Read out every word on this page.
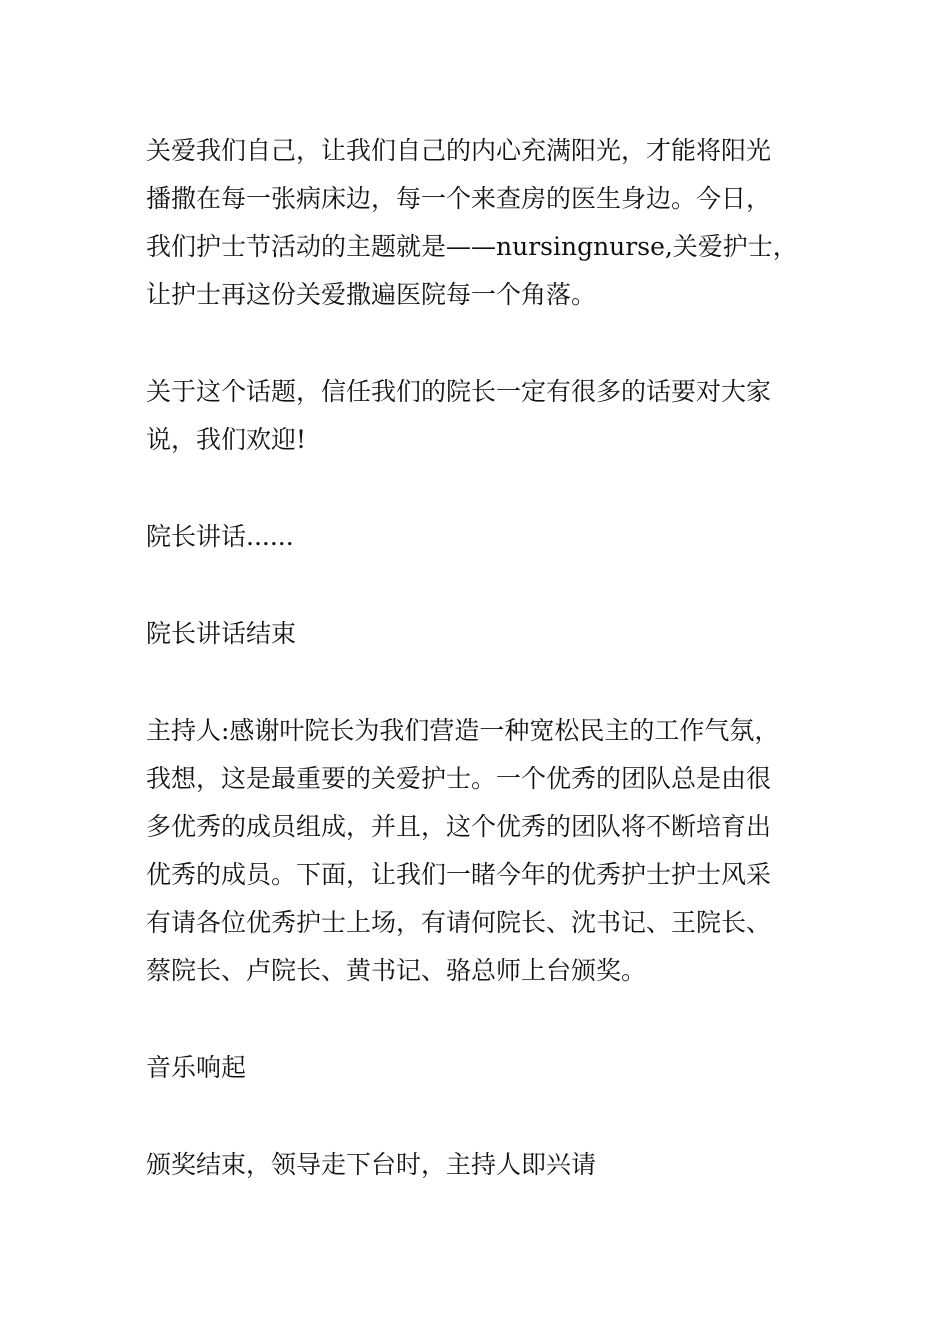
关爱我们自己，让我们自己的内心充满阳光，才能将阳光
播撒在每一张病床边，每一个来查房的医生身边。今日，
我们护士节活动的主题就是——nursingnurse,关爱护士，
让护士再这份关爱撒遍医院每一个角落。

关于这个话题，信任我们的院长一定有很多的话要对大家
说，我们欢迎!

院长讲话......

院长讲话结束

主持人:感谢叶院长为我们营造一种宽松民主的工作气氛，
我想，这是最重要的关爱护士。一个优秀的团队总是由很
多优秀的成员组成，并且，这个优秀的团队将不断培育出
优秀的成员。下面，让我们一睹今年的优秀护士护士风采
有请各位优秀护士上场，有请何院长、沈书记、王院长、
蔡院长、卢院长、黄书记、骆总师上台颁奖。

音乐响起

颁奖结束，领导走下台时，主持人即兴请
